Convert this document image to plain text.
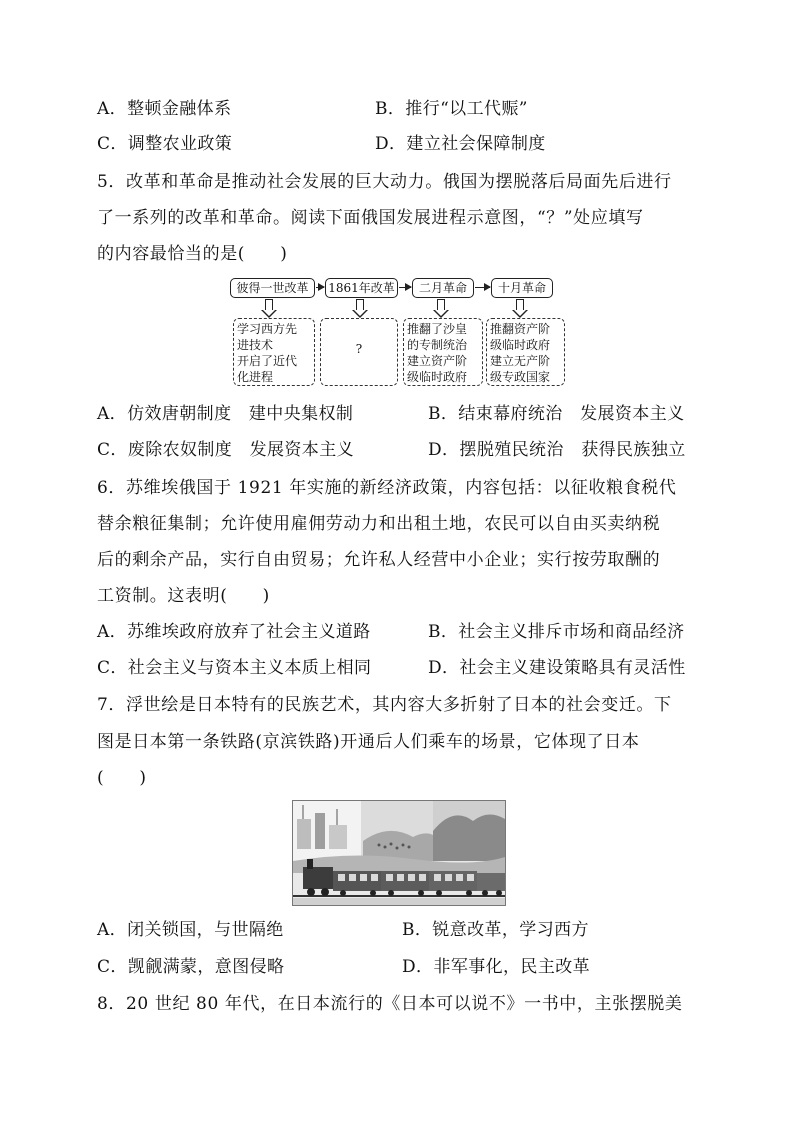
A．整顿金融体系	B．推行“以工代赈”
C．调整农业政策	D．建立社会保障制度
5．改革和革命是推动社会发展的巨大动力。俄国为摆脱落后局面先后进行
了一系列的改革和革命。阅读下面俄国发展进程示意图，“？”处应填写
的内容最恰当的是(　　)
彼得一世改革	1861年改革	二月革命	十月革命
学习西方先
进技术
开启了近代
化进程
?
推翻了沙皇
的专制统治
建立资产阶
级临时政府
推翻资产阶
级临时政府
建立无产阶
级专政国家
A．仿效唐朝制度　建中央集权制	B．结束幕府统治　发展资本主义
C．废除农奴制度　发展资本主义	D．摆脱殖民统治　获得民族独立
6．苏维埃俄国于 1921 年实施的新经济政策，内容包括：以征收粮食税代
替余粮征集制；允许使用雇佣劳动力和出租土地，农民可以自由买卖纳税
后的剩余产品，实行自由贸易；允许私人经营中小企业；实行按劳取酬的
工资制。这表明(　　)
A．苏维埃政府放弃了社会主义道路	B．社会主义排斥市场和商品经济
C．社会主义与资本主义本质上相同	D．社会主义建设策略具有灵活性
7．浮世绘是日本特有的民族艺术，其内容大多折射了日本的社会变迁。下
图是日本第一条铁路(京滨铁路)开通后人们乘车的场景，它体现了日本
(　　)
A．闭关锁国，与世隔绝	B．锐意改革，学习西方
C．觊觎满蒙，意图侵略	D．非军事化，民主改革
8．20 世纪 80 年代，在日本流行的《日本可以说不》一书中，主张摆脱美
